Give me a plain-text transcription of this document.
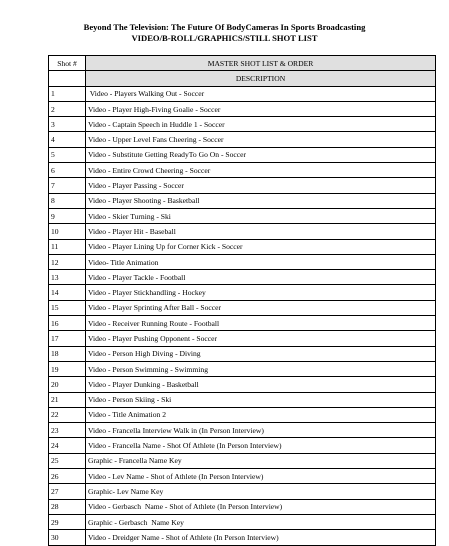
Beyond The Television: The Future Of BodyCameras In Sports Broadcasting
VIDEO/B-ROLL/GRAPHICS/STILL SHOT LIST
Shot #	MASTER SHOT LIST & ORDER
	DESCRIPTION
1	Video - Players Walking Out - Soccer
2	Video - Player High-Fiving Goalie - Soccer
3	Video - Captain Speech in Huddle 1 - Soccer
4	Video - Upper Level Fans Cheering - Soccer
5	Video - Substitute Getting ReadyTo Go On - Soccer
6	Video - Entire Crowd Cheering - Soccer
7	Video - Player Passing - Soccer
8	Video - Player Shooting - Basketball
9	Video - Skier Turning - Ski
10	Video - Player Hit - Baseball
11	Video - Player Lining Up for Corner Kick - Soccer
12	Video- Title Animation
13	Video - Player Tackle - Football
14	Video - Player Stickhandling - Hockey
15	Video - Player Sprinting After Ball - Soccer
16	Video - Receiver Running Route - Football
17	Video - Player Pushing Opponent - Soccer
18	Video - Person High Diving - Diving
19	Video - Person Swimming - Swimming
20	Video - Player Dunking - Basketball
21	Video - Person Skiing - Ski
22	Video - Title Animation 2
23	Video - Francella Interview Walk in (In Person Interview)
24	Video - Francella Name - Shot Of Athlete (In Person Interview)
25	Graphic - Francella Name Key
26	Video - Lev Name - Shot of Athlete (In Person Interview)
27	Graphic- Lev Name Key
28	Video - Gerbasch  Name - Shot of Athlete (In Person Interview)
29	Graphic - Gerbasch  Name Key
30	Video - Dreidger Name - Shot of Athlete (In Person Interview)
